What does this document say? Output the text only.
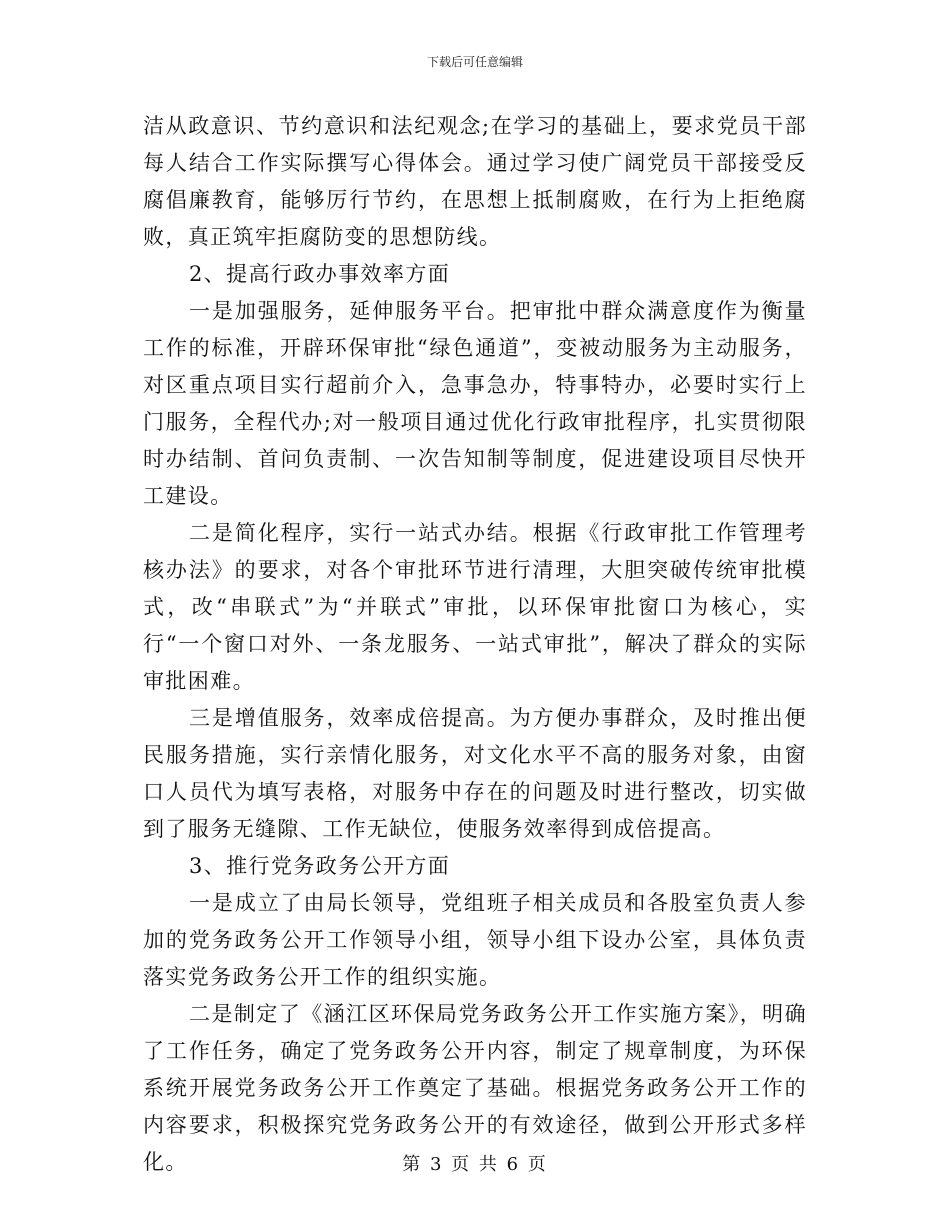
下载后可任意编辑

洁从政意识、节约意识和法纪观念;在学习的基础上，要求党员干部每人结合工作实际撰写心得体会。通过学习使广阔党员干部接受反腐倡廉教育，能够厉行节约，在思想上抵制腐败，在行为上拒绝腐败，真正筑牢拒腐防变的思想防线。

2、提高行政办事效率方面

一是加强服务，延伸服务平台。把审批中群众满意度作为衡量工作的标准，开辟环保审批“绿色通道”，变被动服务为主动服务，对区重点项目实行超前介入，急事急办，特事特办，必要时实行上门服务，全程代办;对一般项目通过优化行政审批程序，扎实贯彻限时办结制、首问负责制、一次告知制等制度，促进建设项目尽快开工建设。

二是简化程序，实行一站式办结。根据《行政审批工作管理考核办法》的要求，对各个审批环节进行清理，大胆突破传统审批模式，改“串联式”为“并联式”审批，以环保审批窗口为核心，实行“一个窗口对外、一条龙服务、一站式审批”，解决了群众的实际审批困难。

三是增值服务，效率成倍提高。为方便办事群众，及时推出便民服务措施，实行亲情化服务，对文化水平不高的服务对象，由窗口人员代为填写表格，对服务中存在的问题及时进行整改，切实做到了服务无缝隙、工作无缺位，使服务效率得到成倍提高。

3、推行党务政务公开方面

一是成立了由局长领导，党组班子相关成员和各股室负责人参加的党务政务公开工作领导小组，领导小组下设办公室，具体负责落实党务政务公开工作的组织实施。

二是制定了《涵江区环保局党务政务公开工作实施方案》，明确了工作任务，确定了党务政务公开内容，制定了规章制度，为环保系统开展党务政务公开工作奠定了基础。根据党务政务公开工作的内容要求，积极探究党务政务公开的有效途径，做到公开形式多样化。	第 3 页 共 6 页
